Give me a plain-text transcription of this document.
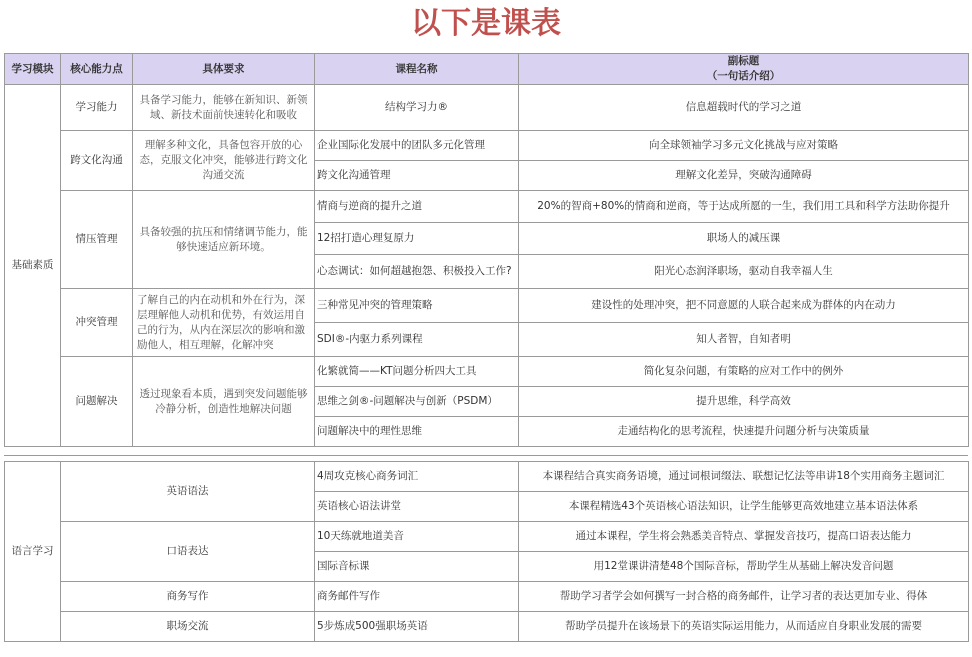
以下是课表
学习模块	核心能力点	具体要求	课程名称	副标题
（一句话介绍）

基础素质	学习能力	具备学习能力，能够在新知识、新领域、新技术面前快速转化和吸收	结构学习力®	信息超载时代的学习之道
	跨文化沟通	理解多种文化，具备包容开放的心态，克服文化冲突，能够进行跨文化沟通交流	企业国际化发展中的团队多元化管理	向全球领袖学习多元文化挑战与应对策略
			跨文化沟通管理	理解文化差异，突破沟通障碍
	情压管理	具备较强的抗压和情绪调节能力，能够快速适应新环境。	情商与逆商的提升之道	20%的智商+80%的情商和逆商，等于达成所愿的一生，我们用工具和科学方法助你提升
			12招打造心理复原力	职场人的减压课
			心态调试：如何超越抱怨、积极投入工作?	阳光心态润泽职场，驱动自我幸福人生
	冲突管理	了解自己的内在动机和外在行为，深层理解他人动机和优势，有效运用自己的行为，从内在深层次的影响和激励他人，相互理解，化解冲突	三种常见冲突的管理策略	建设性的处理冲突，把不同意愿的人联合起来成为群体的内在动力
			SDI®-内驱力系列课程	知人者智，自知者明
	问题解决	透过现象看本质，遇到突发问题能够冷静分析，创造性地解决问题	化繁就简——KT问题分析四大工具	简化复杂问题，有策略的应对工作中的例外
			思维之剑®-问题解决与创新（PSDM）	提升思维，科学高效
			问题解决中的理性思维	走通结构化的思考流程，快速提升问题分析与决策质量
语言学习	英语语法	4周攻克核心商务词汇	本课程结合真实商务语境，通过词根词缀法、联想记忆法等串讲18个实用商务主题词汇
		英语核心语法讲堂	本课程精选43个英语核心语法知识，让学生能够更高效地建立基本语法体系
	口语表达	10天练就地道美音	通过本课程，学生将会熟悉美音特点、掌握发音技巧，提高口语表达能力
		国际音标课	用12堂课讲清楚48个国际音标，帮助学生从基础上解决发音问题
	商务写作	商务邮件写作	帮助学习者学会如何撰写一封合格的商务邮件，让学习者的表达更加专业、得体
	职场交流	5步炼成500强职场英语	帮助学员提升在该场景下的英语实际运用能力，从而适应自身职业发展的需要
